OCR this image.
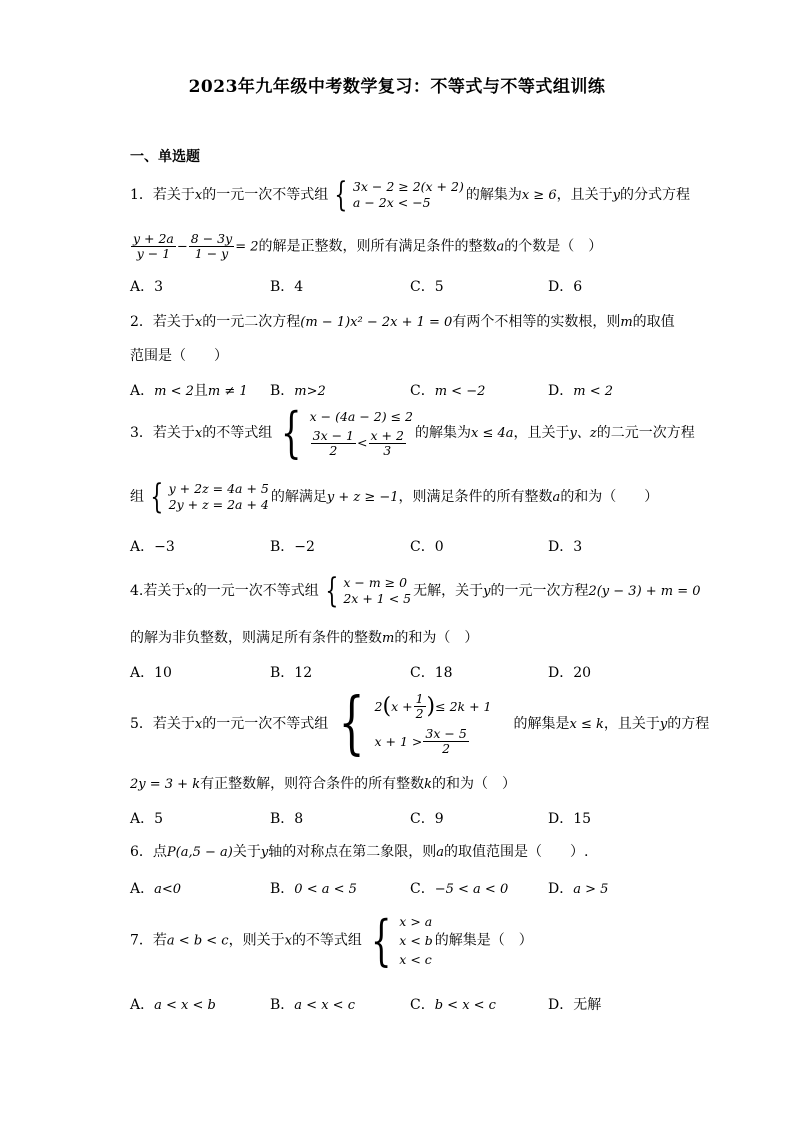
2023年九年级中考数学复习：不等式与不等式组训练
一、单选题
1．若关于x的一元一次不等式组 { 3x − 2 ≥ 2(x + 2)
a − 2x < −5	的解集为x ≥ 6，且关于y的分式方程
$\frac{y + 2a}{y - 1} - \frac{8 - 3y}{1 - y} = 2$的解是正整数，则所有满足条件的整数a的个数是（　）
A．3	B．4	C．5	D．6
2．若关于x的一元二次方程(m − 1)x² − 2x + 1 = 0有两个不相等的实数根，则m的取值
范围是（　　）
A．m < 2且m ≠ 1 B．m>2	C．m < −2	D．m < 2
3．若关于x的不等式组 { x − (4a − 2) ≤ 2
$\frac{3x - 1}{2} < \frac{x + 2}{3}$ 的解集为x ≤ 4a，且关于y、z的二元一次方程
组 { y + 2z = 4a + 5
2y + z = 2a + 4 的解满足y + z ≥ −1，则满足条件的所有整数a的和为（　　）
A．−3	B．−2	C．0	D．3
4.若关于x的一元一次不等式组 { x − m ≥ 0
2x + 1 < 5 无解，关于y的一元一次方程2(y − 3) + m = 0
的解为非负整数，则满足所有条件的整数m的和为（　）
A．10	B．12	C．18	D．20
5．若关于x的一元一次不等式组 { 2 ( $x + \frac{1}{2}$ ) ≤ 2k + 1
$x + 1 > \frac{3x - 5}{2}$
的解集是x ≤ k，且关于y的方程
2y = 3 + k有正整数解，则符合条件的所有整数k的和为（　）
A．5	B．8	C．9	D．15
6．点P(a,5 − a)关于y轴的对称点在第二象限，则a的取值范围是（　　）.
A．a<0	B．0 < a < 5	C．−5 < a < 0	D．a > 5
7．若a < b < c，则关于x的不等式组 { x > a
x < b
x < c
的解集是（　）
A．a < x < b	B．a < x < c	C．b < x < c	D．无解
